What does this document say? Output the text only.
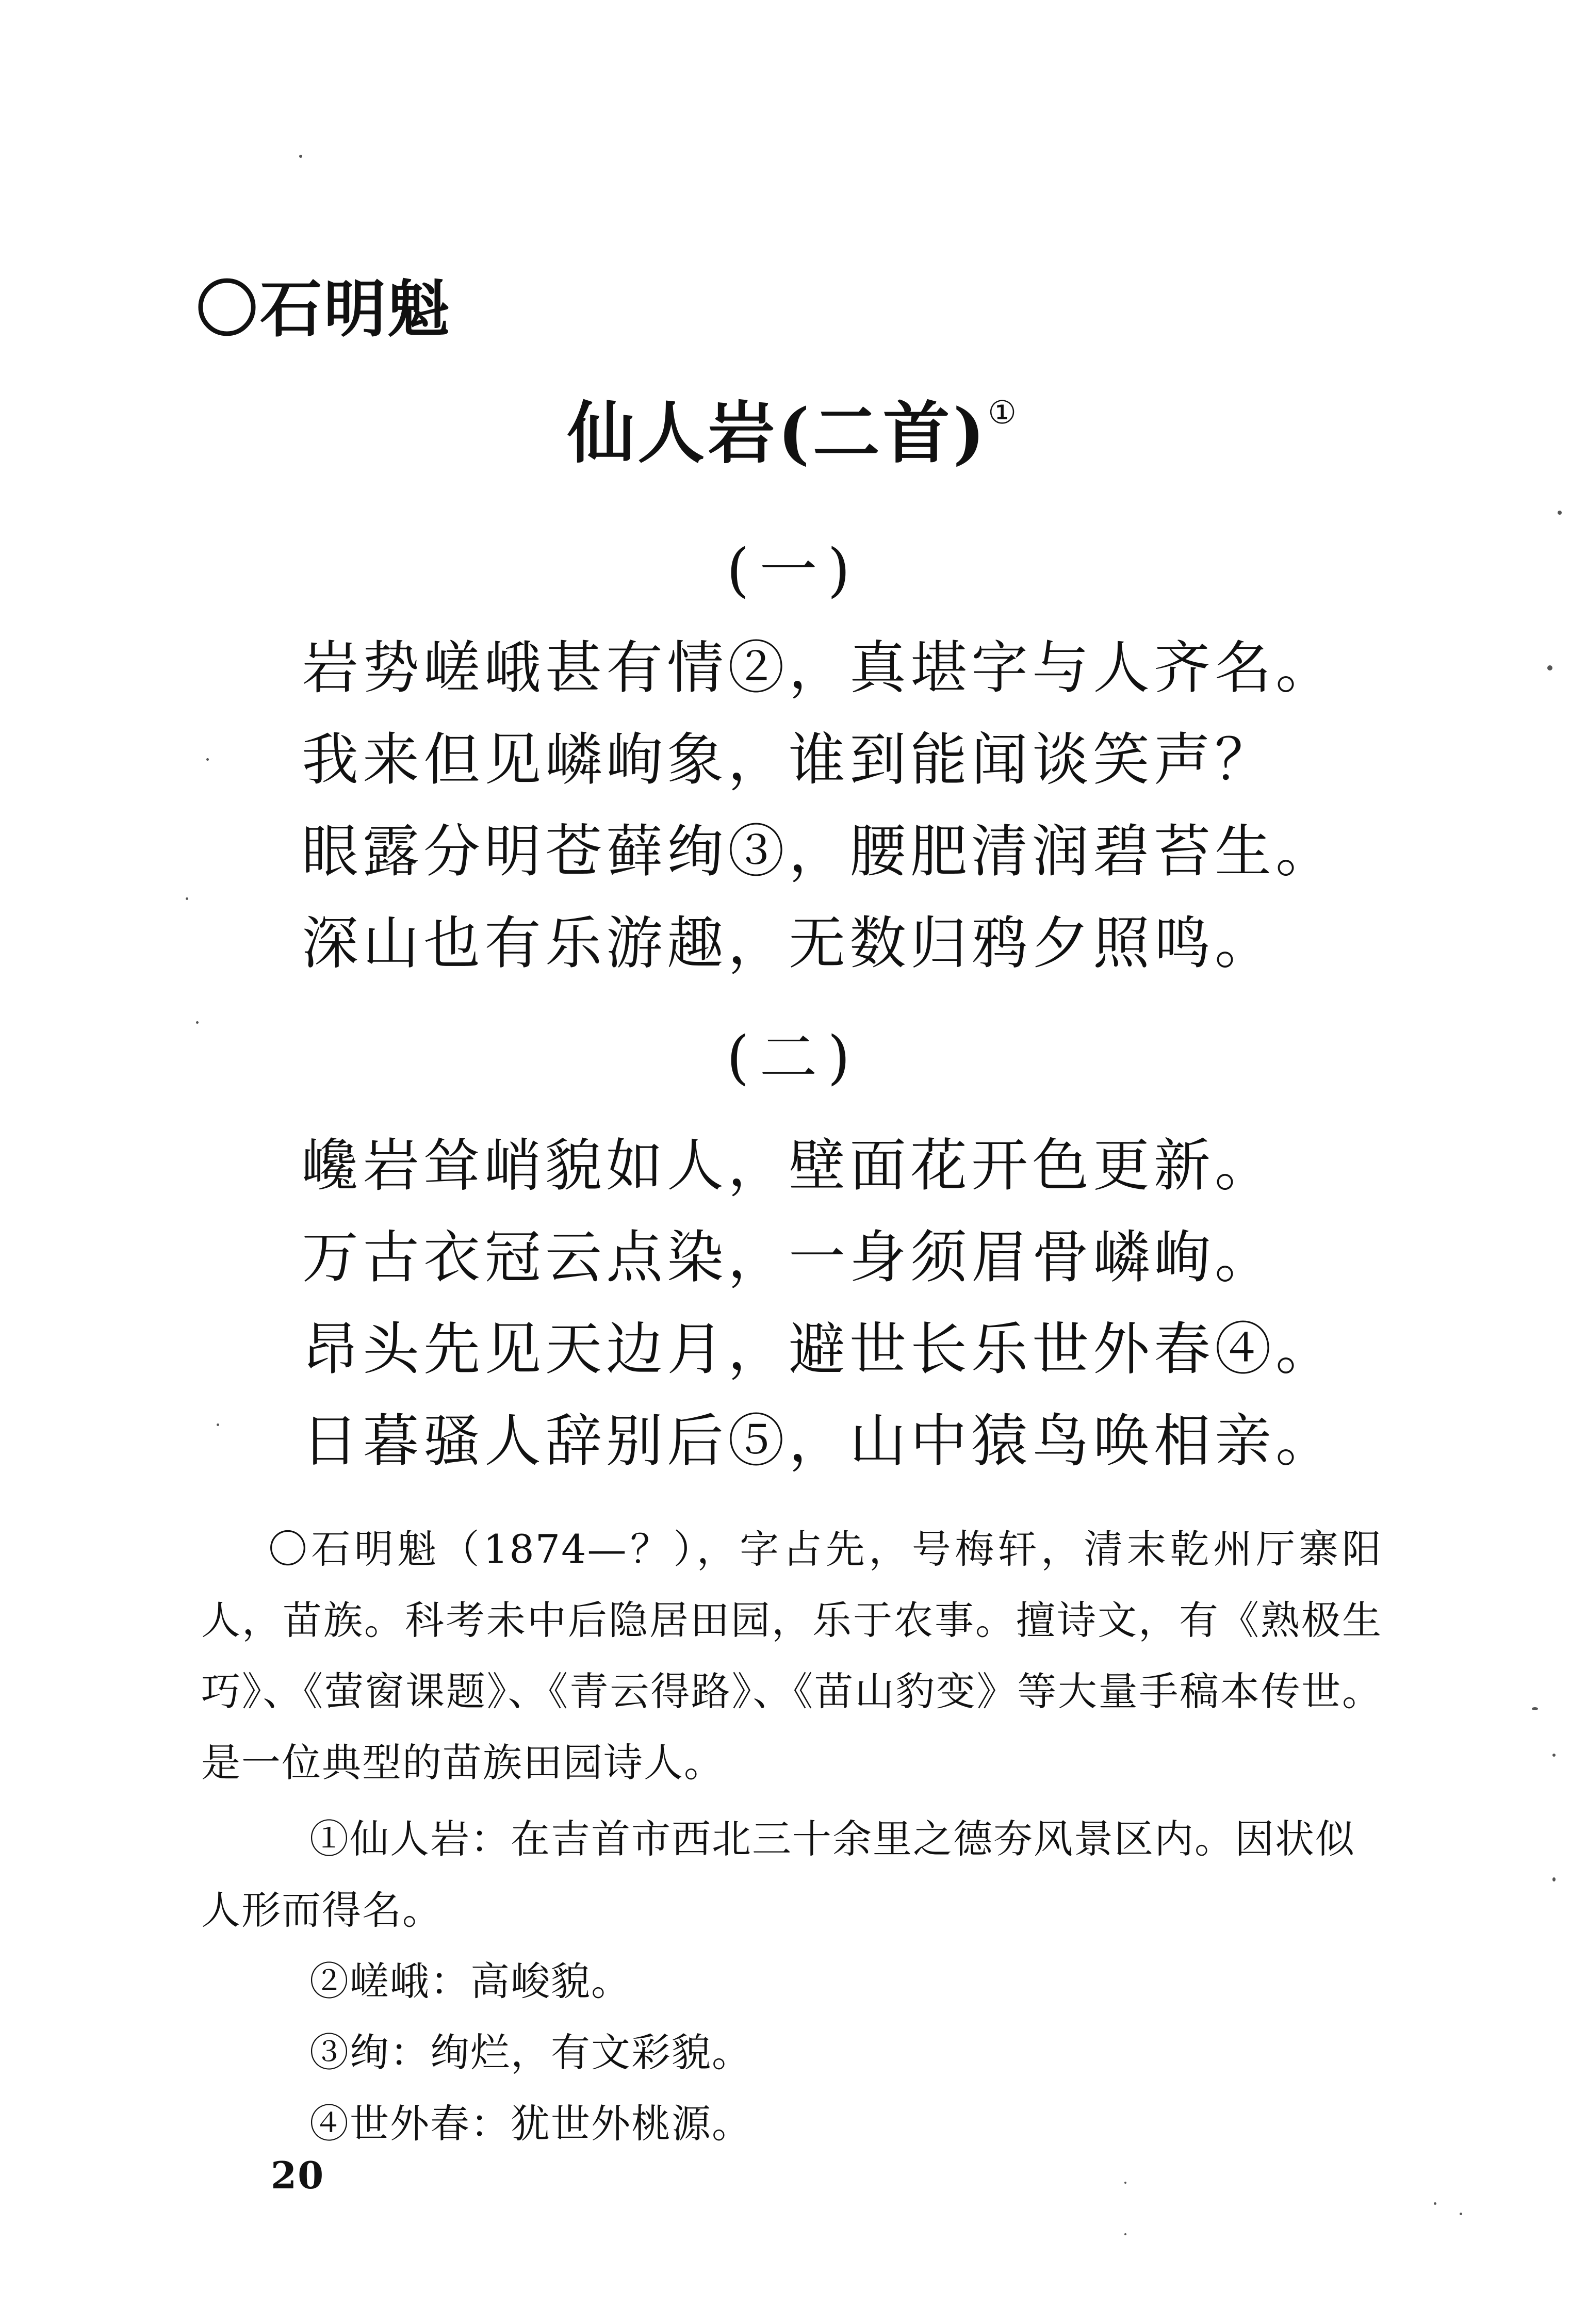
〇石明魁
仙人岩(二首)①
(一)
岩势嵯峨甚有情②，真堪字与人齐名。
我来但见嶙峋象，谁到能闻谈笑声？
眼露分明苍藓绚③，腰肥清润碧苔生。
深山也有乐游趣，无数归鸦夕照鸣。
(二)
巉岩耸峭貌如人，壁面花开色更新。
万古衣冠云点染，一身须眉骨嶙峋。
昂头先见天边月，避世长乐世外春④。
日暮骚人辞别后⑤，山中猿鸟唤相亲。

〇石明魁（1874—？），字占先，号梅轩，清末乾州厅寨阳人，苗族。科考未中后隐居田园，乐于农事。擅诗文，有《熟极生巧》、《萤窗课题》、《青云得路》、《苗山豹变》等大量手稿本传世。是一位典型的苗族田园诗人。

①仙人岩：在吉首市西北三十余里之德夯风景区内。因状似人形而得名。

②嵯峨：高峻貌。

③绚：绚烂，有文彩貌。

④世外春：犹世外桃源。

20
